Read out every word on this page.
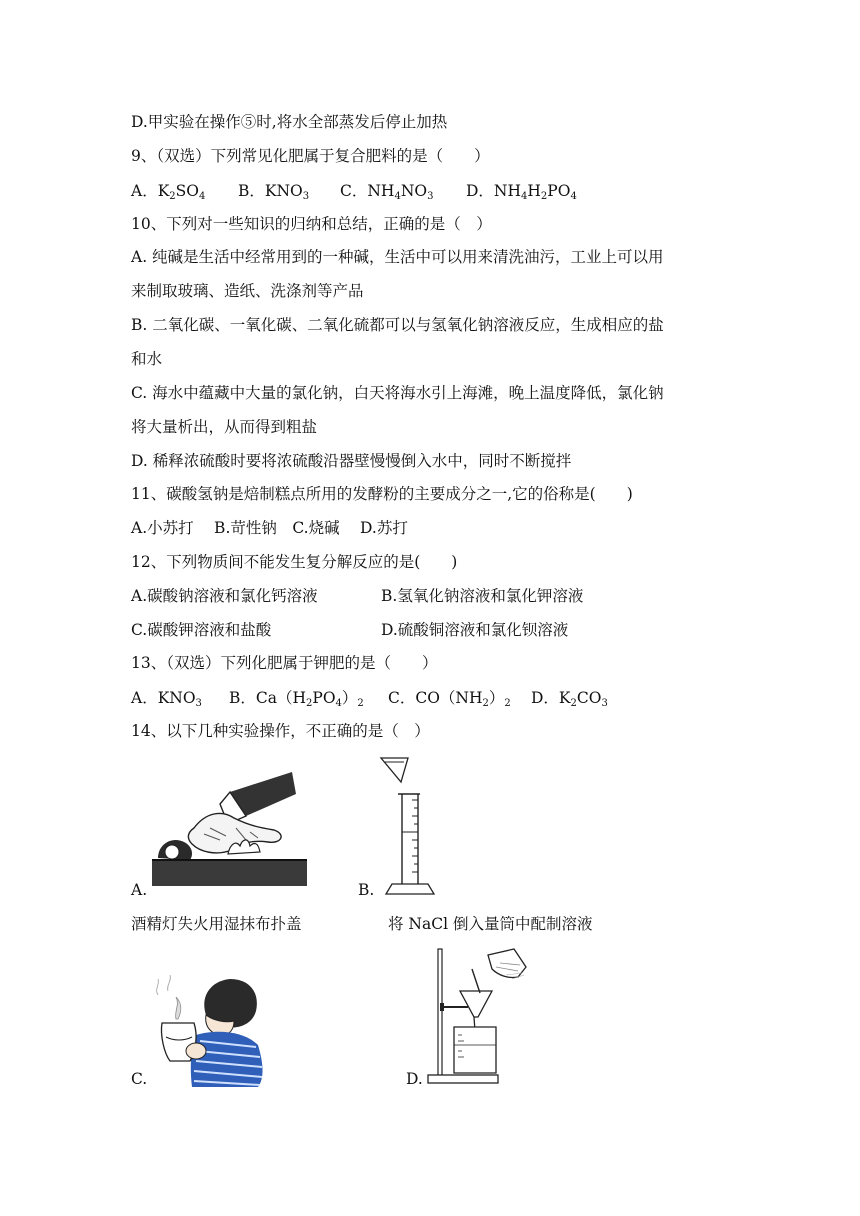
D.甲实验在操作⑤时,将水全部蒸发后停止加热
9、（双选）下列常见化肥属于复合肥料的是（　　）
A．$K_2SO_4$ B．$KNO_3$ C．$NH_4NO_3$ D．$NH_4H_2PO_4$
10、下列对一些知识的归纳和总结，正确的是（　）
A. 纯碱是生活中经常用到的一种碱，生活中可以用来清洗油污，工业上可以用
来制取玻璃、造纸、洗涤剂等产品
B. 二氧化碳、一氧化碳、二氧化硫都可以与氢氧化钠溶液反应，生成相应的盐
和水
C. 海水中蕴藏中大量的氯化钠，白天将海水引上海滩，晚上温度降低，氯化钠
将大量析出，从而得到粗盐
D. 稀释浓硫酸时要将浓硫酸沿器壁慢慢倒入水中，同时不断搅拌
11、碳酸氢钠是焙制糕点所用的发酵粉的主要成分之一,它的俗称是(　　)
A.小苏打　 B.苛性钠　C.烧碱　 D.苏打
12、下列物质间不能发生复分解反应的是(　　)
A.碳酸钠溶液和氯化钙溶液	B.氢氧化钠溶液和氯化钾溶液
C.碳酸钾溶液和盐酸	D.硫酸铜溶液和氯化钡溶液
13、（双选）下列化肥属于钾肥的是（　　）
A．$KNO_3$ B．$Ca(H_2PO_4)_2$ C．$CO(NH_2)_2$ D．$K_2CO_3$
14、以下几种实验操作，不正确的是（　）
A.	B.
酒精灯失火用湿抹布扑盖	将 NaCl 倒入量筒中配制溶液
C.	D.
